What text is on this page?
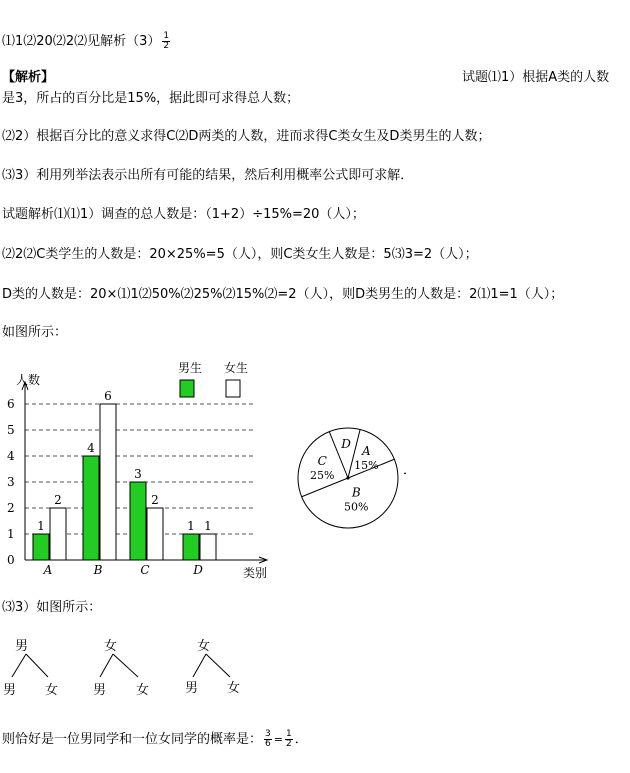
⑴1⑵20⑵2⑵见解析$(3) \frac{1}{2}$
【解析】	试题⑴1）根据A类的人数
是3，所占的百分比是15%，据此即可求得总人数；
⑵2）根据百分比的意义求得C⑵D两类的人数，进而求得C类女生及D类男生的人数；
⑶3）利用列举法表示出所有可能的结果，然后利用概率公式即可求解．
试题解析⑴⑴1）调查的总人数是：（1+2）÷15%=20（人）；
⑵2⑵C类学生的人数是：20×25%=5（人），则C类女生人数是：5⑶3=2（人）；
D类的人数是：20×⑴1⑵50%⑵25%⑵15%⑵=2（人），则D类男生的人数是：2⑴1=1（人）；
如图所示：
0
1
2
3
4
5
6
人数
类别
1
2
A
4
6
B
3
2
C
1 1
D
男生 女生
A
15%
D
C
25%
B
50%
．
⑶3）如图所示：
男
男 女
女
男 女
女
男 女
则恰好是一位男同学和一位女同学的概率是： $\frac{3}{6} = \frac{1}{2}$ ．
